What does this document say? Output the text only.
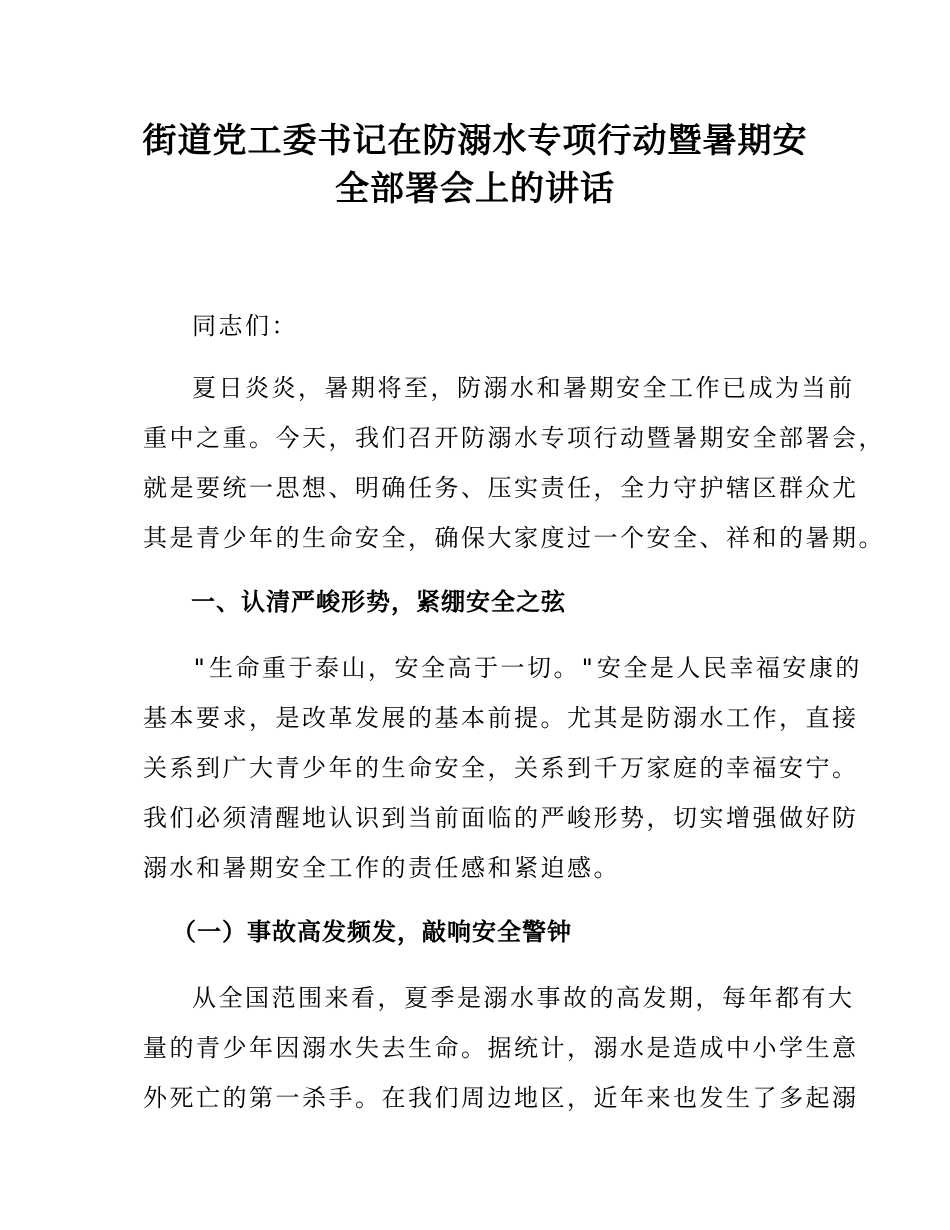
街道党工委书记在防溺水专项行动暨暑期安
全部署会上的讲话
同志们：
夏日炎炎，暑期将至，防溺水和暑期安全工作已成为当前
重中之重。今天，我们召开防溺水专项行动暨暑期安全部署会，
就是要统一思想、明确任务、压实责任，全力守护辖区群众尤
其是青少年的生命安全，确保大家度过一个安全、祥和的暑期。
一、认清严峻形势，紧绷安全之弦
"生命重于泰山，安全高于一切。"安全是人民幸福安康的
基本要求，是改革发展的基本前提。尤其是防溺水工作，直接
关系到广大青少年的生命安全，关系到千万家庭的幸福安宁。
我们必须清醒地认识到当前面临的严峻形势，切实增强做好防
溺水和暑期安全工作的责任感和紧迫感。
（一）事故高发频发，敲响安全警钟
从全国范围来看，夏季是溺水事故的高发期，每年都有大
量的青少年因溺水失去生命。据统计，溺水是造成中小学生意
外死亡的第一杀手。在我们周边地区，近年来也发生了多起溺
